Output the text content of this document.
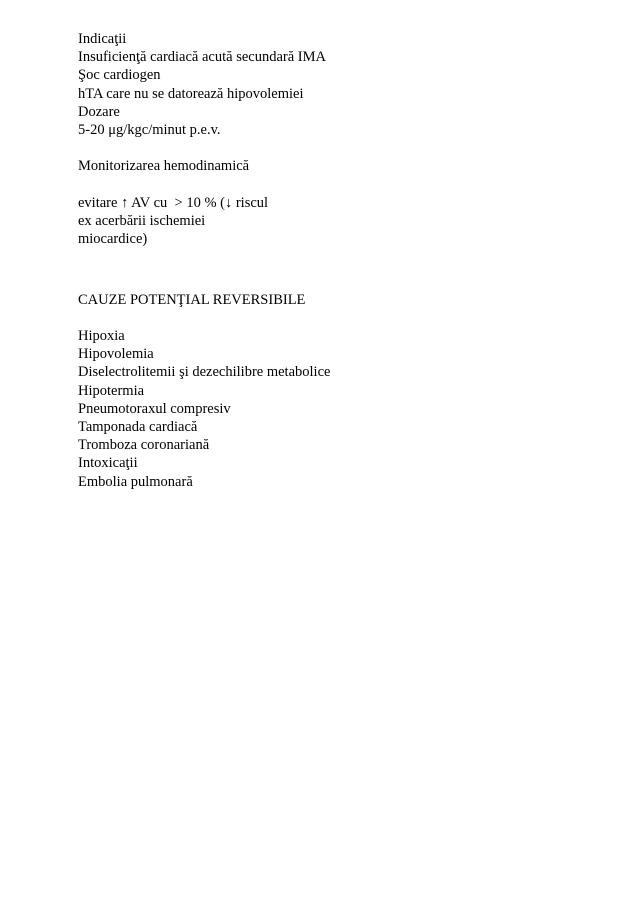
Indicaţii
Insuficienţă cardiacă acută secundară IMA
Şoc cardiogen
hTA care nu se datorează hipovolemiei
Dozare
5-20 μg/kgc/minut p.e.v.
Monitorizarea hemodinamică
evitare ↑ AV cu  > 10 % (↓ riscul
ex acerbării ischemiei
miocardice)
CAUZE POTENŢIAL REVERSIBILE
Hipoxia
Hipovolemia
Diselectrolitemii şi dezechilibre metabolice
Hipotermia
Pneumotoraxul compresiv
Tamponada cardiacă
Tromboza coronariană
Intoxicaţii
Embolia pulmonară
